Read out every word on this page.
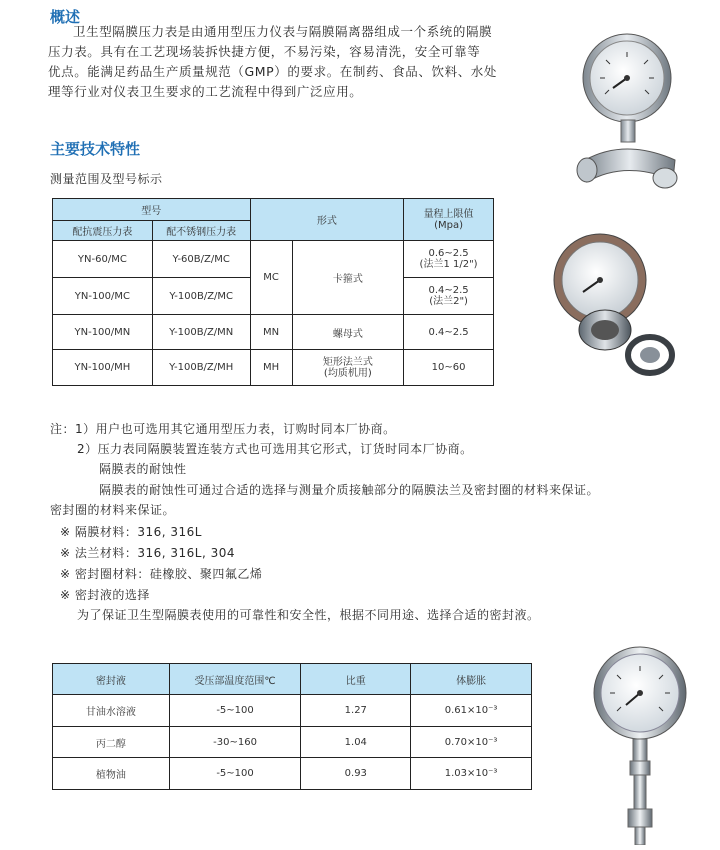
概述
卫生型隔膜压力表是由通用型压力仪表与隔膜隔离器组成一个系统的隔膜
压力表。具有在工艺现场装拆快捷方便，不易污染，容易清洗，安全可靠等
优点。能满足药品生产质量规范（GMP）的要求。在制药、食品、饮料、水处
理等行业对仪表卫生要求的工艺流程中得到广泛应用。
主要技术特性
测量范围及型号标示
型号		形式		量程上限值
(Mpa)

配抗震压力表	配不锈钢压力表			
YN-60/MC	Y-60B/Z/MC	MC	卡箍式	0.6~2.5
(法兰1 1/2")

YN-100/MC	Y-100B/Z/MC			0.4~2.5
(法兰2")

YN-100/MN	Y-100B/Z/MN	MN	螺母式	0.4~2.5
YN-100/MH	Y-100B/Z/MH	MH	矩形法兰式
(均质机用)	10~60
注：1）用户也可选用其它通用型压力表，订购时同本厂协商。
2）压力表同隔膜装置连装方式也可选用其它形式，订货时同本厂协商。
隔膜表的耐蚀性
隔膜表的耐蚀性可通过合适的选择与测量介质接触部分的隔膜法兰及密封圈的材料来保证。
密封圈的材料来保证。
※ 隔膜材料：316, 316L
※ 法兰材料：316, 316L, 304
※ 密封圈材料：硅橡胶、聚四氟乙烯
※ 密封液的选择
为了保证卫生型隔膜表使用的可靠性和安全性，根据不同用途、选择合适的密封液。
密封液	受压部温度范围℃	比重	体膨胀
甘油水溶液	-5~100	1.27	0.61×10⁻³
丙二醇	-30~160	1.04	0.70×10⁻³
植物油	-5~100	0.93	1.03×10⁻³
